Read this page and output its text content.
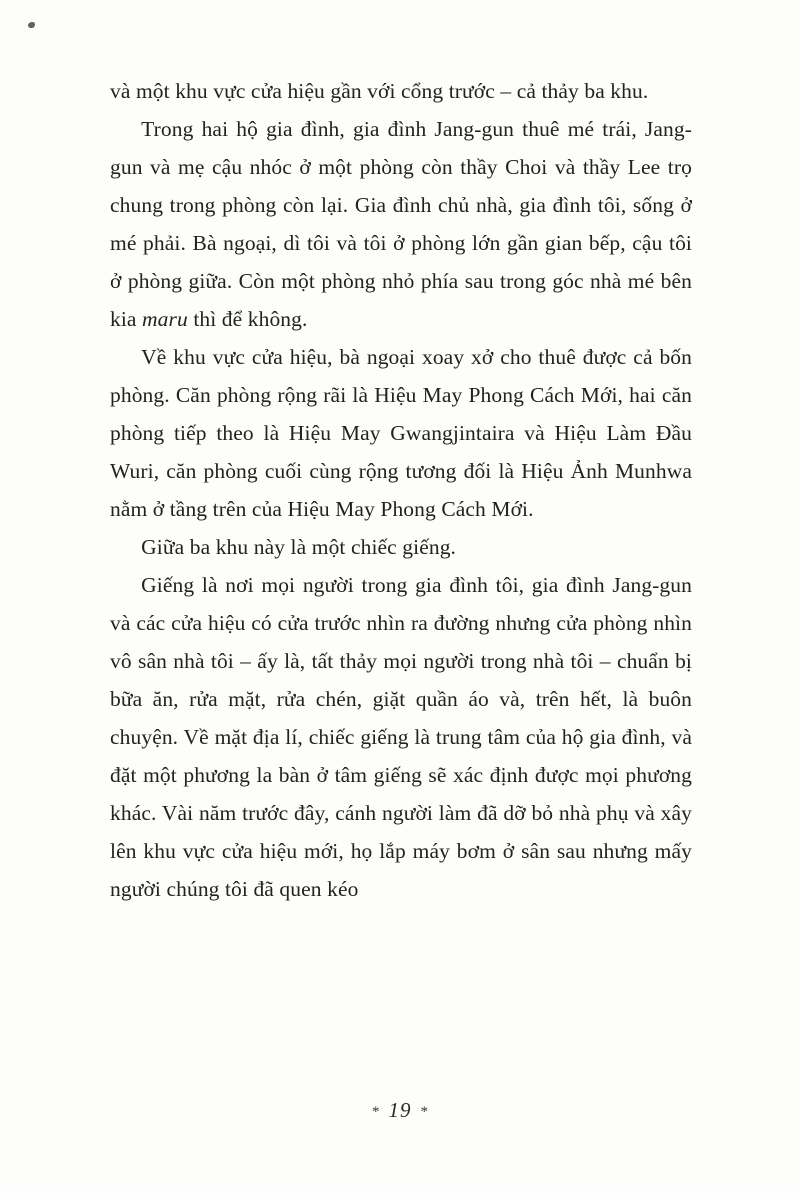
và một khu vực cửa hiệu gần với cổng trước – cả thảy ba khu.

Trong hai hộ gia đình, gia đình Jang-gun thuê mé trái, Jang-gun và mẹ cậu nhóc ở một phòng còn thầy Choi và thầy Lee trọ chung trong phòng còn lại. Gia đình chủ nhà, gia đình tôi, sống ở mé phải. Bà ngoại, dì tôi và tôi ở phòng lớn gần gian bếp, cậu tôi ở phòng giữa. Còn một phòng nhỏ phía sau trong góc nhà mé bên kia maru thì để không.

Về khu vực cửa hiệu, bà ngoại xoay xở cho thuê được cả bốn phòng. Căn phòng rộng rãi là Hiệu May Phong Cách Mới, hai căn phòng tiếp theo là Hiệu May Gwangjintaira và Hiệu Làm Đầu Wuri, căn phòng cuối cùng rộng tương đối là Hiệu Ảnh Munhwa nằm ở tầng trên của Hiệu May Phong Cách Mới.

Giữa ba khu này là một chiếc giếng.

Giếng là nơi mọi người trong gia đình tôi, gia đình Jang-gun và các cửa hiệu có cửa trước nhìn ra đường nhưng cửa phòng nhìn vô sân nhà tôi – ấy là, tất thảy mọi người trong nhà tôi – chuẩn bị bữa ăn, rửa mặt, rửa chén, giặt quần áo và, trên hết, là buôn chuyện. Về mặt địa lí, chiếc giếng là trung tâm của hộ gia đình, và đặt một phương la bàn ở tâm giếng sẽ xác định được mọi phương khác. Vài năm trước đây, cánh người làm đã dỡ bỏ nhà phụ và xây lên khu vực cửa hiệu mới, họ lắp máy bơm ở sân sau nhưng mấy người chúng tôi đã quen kéo

* 19 *
